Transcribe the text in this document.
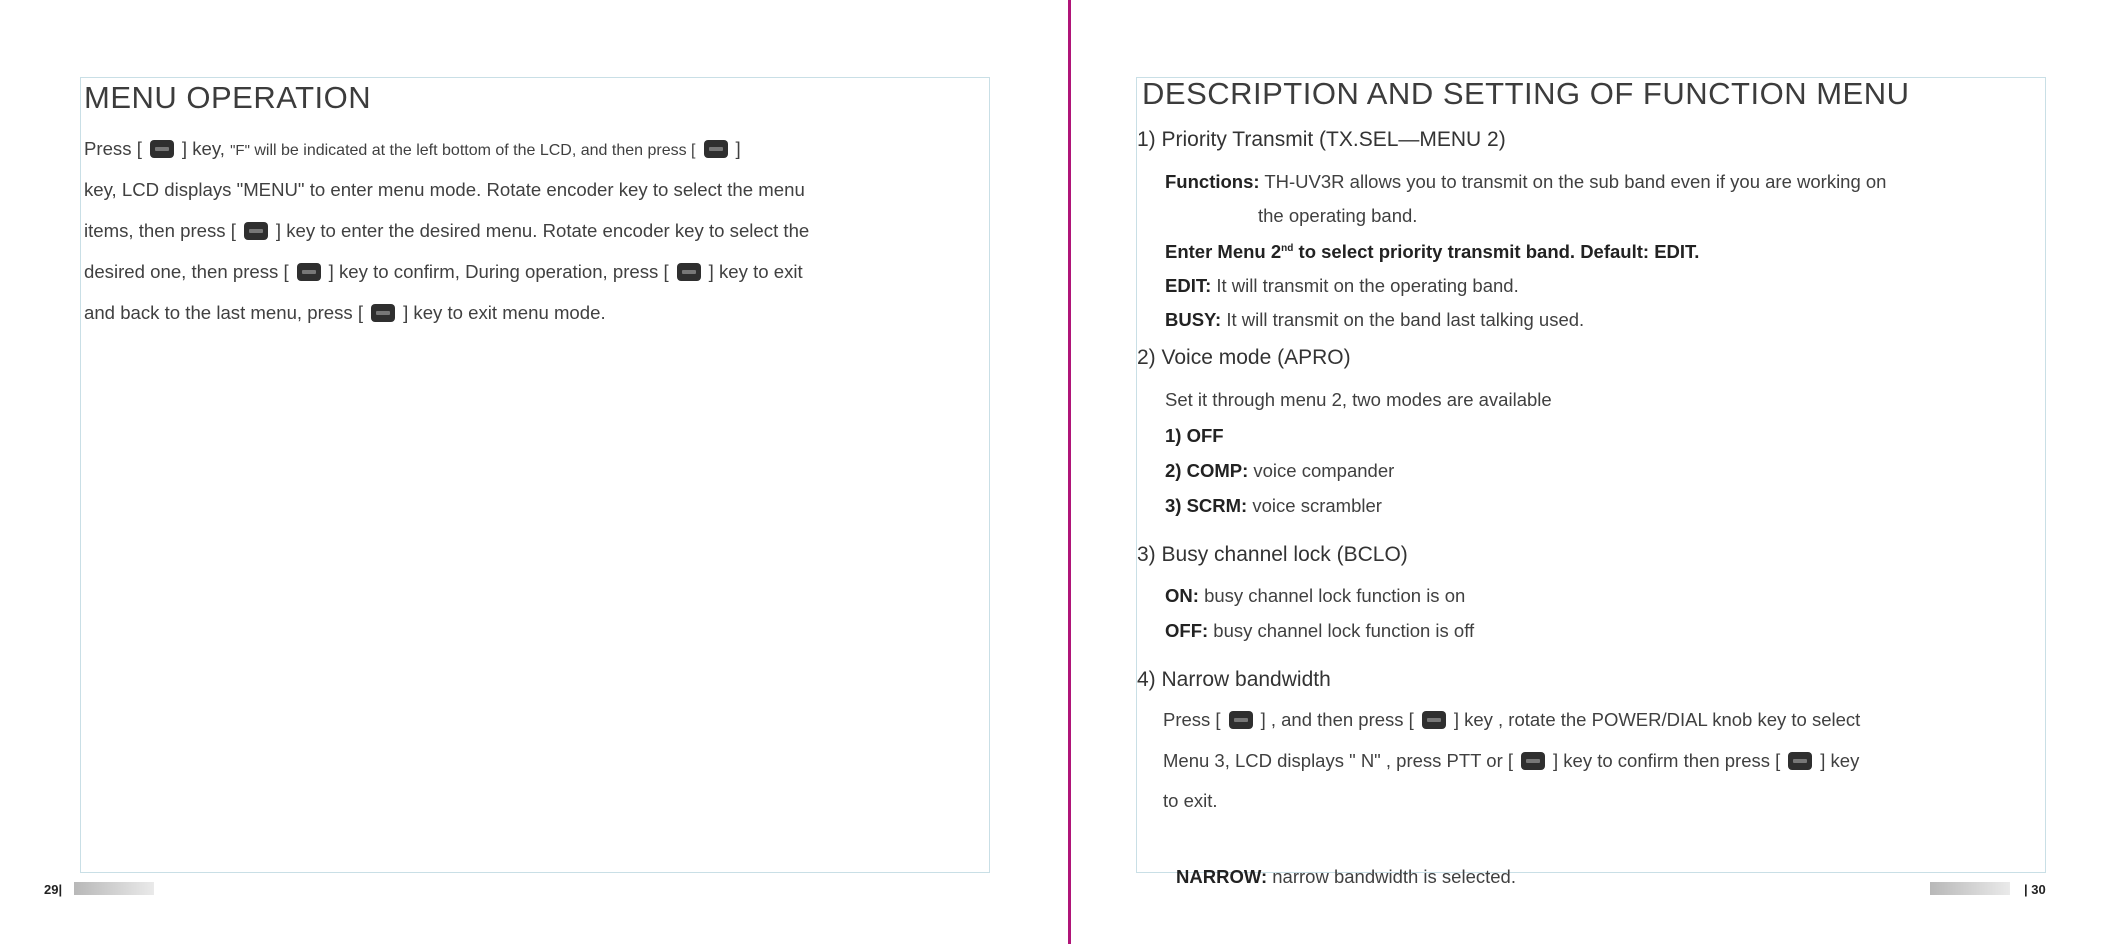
MENU OPERATION
Press [ ] key, "F" will be indicated at the left bottom of the LCD, and then press [ ]
key, LCD displays "MENU" to enter menu mode. Rotate encoder key to select the menu
items, then press [ ] key to enter the desired menu. Rotate encoder key to select the
desired one, then press [ ] key to confirm, During operation, press [ ] key to exit
and back to the last menu, press [ ] key to exit menu mode.
29|
DESCRIPTION AND SETTING OF FUNCTION MENU
1) Priority Transmit (TX.SEL—MENU 2)
Functions: TH-UV3R allows you to transmit on the sub band even if you are working on
the operating band.
Enter Menu 2nd to select priority transmit band. Default: EDIT.
EDIT: It will transmit on the operating band.
BUSY: It will transmit on the band last talking used.
2) Voice mode (APRO)
Set it through menu 2, two modes are available
1) OFF
2) COMP: voice compander
3) SCRM: voice scrambler
3) Busy channel lock (BCLO)
ON: busy channel lock function is on
OFF: busy channel lock function is off
4) Narrow bandwidth
Press [ ] , and then press [ ] key , rotate the POWER/DIAL knob key to select
Menu 3, LCD displays " N" , press PTT or [ ] key to confirm then press [ ] key
to exit.
NARROW: narrow bandwidth is selected.
| 30
